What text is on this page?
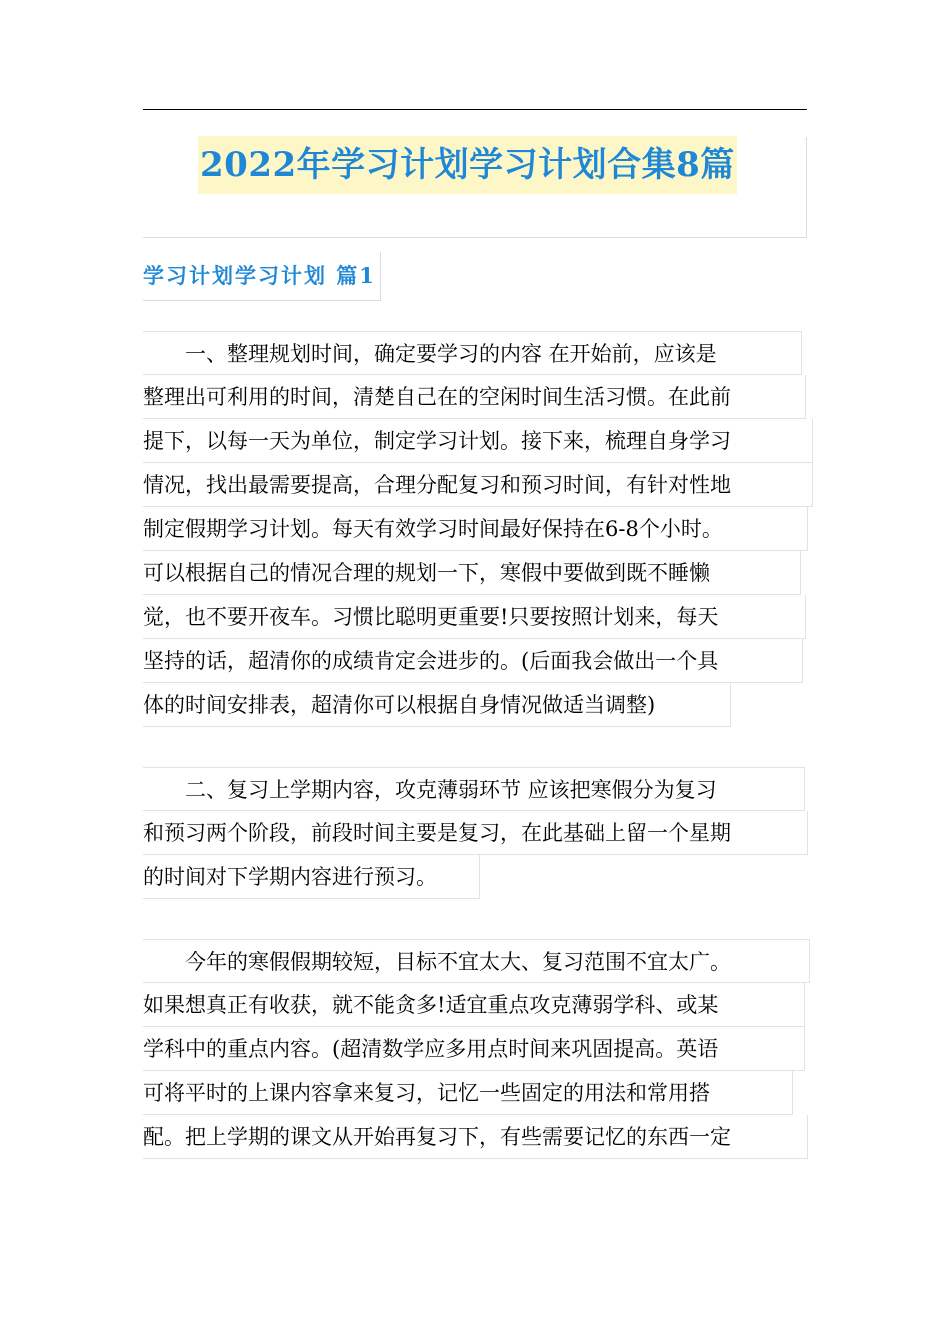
2022年学习计划学习计划合集8篇
学习计划学习计划 篇1
　　一、整理规划时间，确定要学习的内容 在开始前，应该是
整理出可利用的时间，清楚自己在的空闲时间生活习惯。在此前
提下，以每一天为单位，制定学习计划。接下来，梳理自身学习
情况，找出最需要提高，合理分配复习和预习时间，有针对性地
制定假期学习计划。每天有效学习时间最好保持在6-8个小时。
可以根据自己的情况合理的规划一下，寒假中要做到既不睡懒
觉，也不要开夜车。习惯比聪明更重要!只要按照计划来，每天
坚持的话，超清你的成绩肯定会进步的。(后面我会做出一个具
体的时间安排表，超清你可以根据自身情况做适当调整)
　　二、复习上学期内容，攻克薄弱环节 应该把寒假分为复习
和预习两个阶段，前段时间主要是复习，在此基础上留一个星期
的时间对下学期内容进行预习。
　　今年的寒假假期较短，目标不宜太大、复习范围不宜太广。
如果想真正有收获，就不能贪多!适宜重点攻克薄弱学科、或某
学科中的重点内容。(超清数学应多用点时间来巩固提高。英语
可将平时的上课内容拿来复习，记忆一些固定的用法和常用搭
配。把上学期的课文从开始再复习下，有些需要记忆的东西一定
